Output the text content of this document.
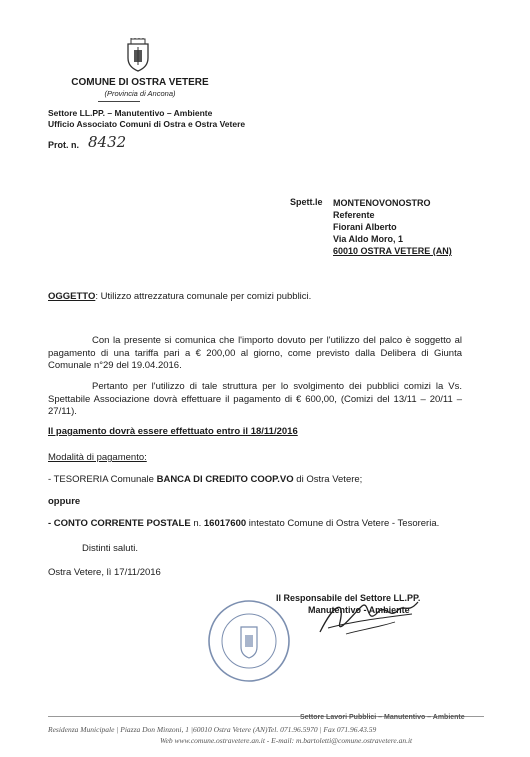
COMUNE DI OSTRA VETERE
(Provincia di Ancona)
Settore LL.PP. – Manutentivo – Ambiente
Ufficio Associato Comuni di Ostra e Ostra Vetere
Prot. n. 8432
Spett.le MONTENOVONOSTRO
Referente
Fiorani Alberto
Via Aldo Moro, 1
60010 OSTRA VETERE (AN)
OGGETTO: Utilizzo attrezzatura comunale per comizi pubblici.
Con la presente si comunica che l'importo dovuto per l'utilizzo del palco è soggetto al pagamento di una tariffa pari a € 200,00 al giorno, come previsto dalla Delibera di Giunta Comunale n°29 del 19.04.2016.
Pertanto per l'utilizzo di tale struttura per lo svolgimento dei pubblici comizi la Vs. Spettabile Associazione dovrà effettuare il pagamento di € 600,00, (Comizi del 13/11 – 20/11 – 27/11).
Il pagamento dovrà essere effettuato entro il 18/11/2016
Modalità di pagamento:
- TESORERIA Comunale BANCA DI CREDITO COOP.VO di Ostra Vetere;
oppure
- CONTO CORRENTE POSTALE n. 16017600 intestato Comune di Ostra Vetere - Tesoreria.
Distinti saluti.
Ostra Vetere, lì 17/11/2016
Il Responsabile del Settore LL.PP.
Manutentivo - Ambiente
Settore Lavori Pubblici – Manutentivo – Ambiente
Residenza Municipale | Piazza Don Minzoni, 1 |60010 Ostra Vetere (AN)Tel. 071.96.5970 | Fax 071.96.43.59
Web www.comune.ostravetere.an.it - E-mail: m.bartoletti@comune.ostravetere.an.it
